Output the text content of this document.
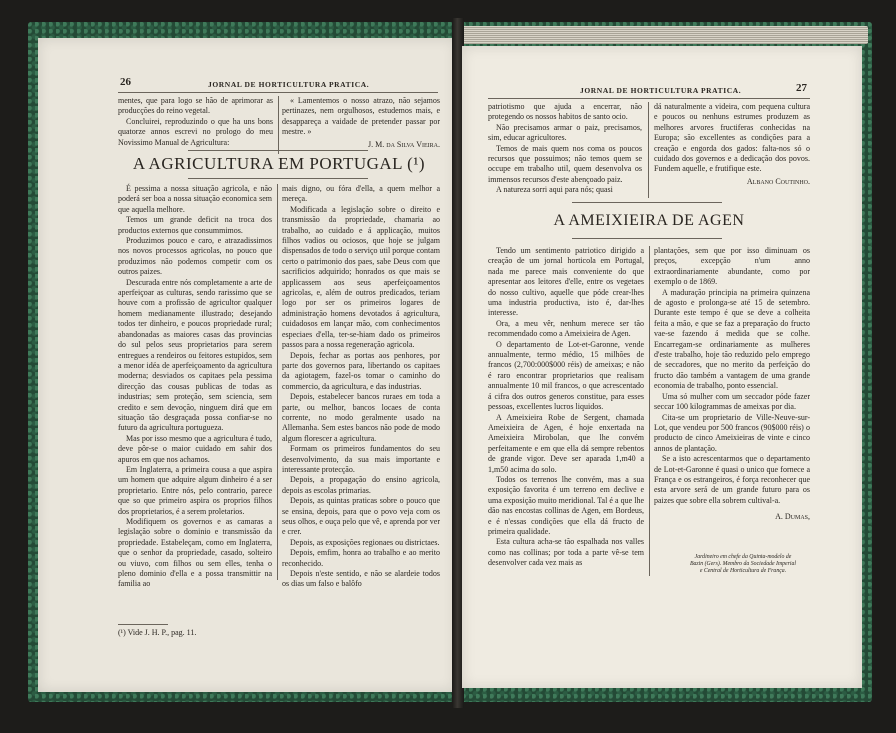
26	JORNAL DE HORTICULTURA PRATICA.

mentes, que para logo se hão de aprimorar as producções do reino vegetal.

Concluirei, reproduzindo o que ha uns bons quatorze annos escrevi no prologo do meu Novissimo Manual de Agricultura:

« Lamentemos o nosso atrazo, não sejamos pertinazes, nem orgulhosos, estudemos mais, e desappareça a vaidade de pretender passar por mestre. »

J. M. da Silva Vieira.
A AGRICULTURA EM PORTUGAL (¹)

É pessima a nossa situação agricola, e não poderá ser boa a nossa situação economica sem que aquella melhore.

Temos um grande deficit na troca dos productos externos que consummimos.

Produzimos pouco e caro, e atrazadissimos nos novos processos agricolas, no pouco que produzimos não podemos competir com os outros paizes.

Descurada entre nós completamente a arte de aperfeiçoar as culturas, sendo rarissimo que se houve com a profissão de agricultor qualquer homem medianamente illustrado; desejando todos ter dinheiro, e poucos propriedade rural; abandonadas as maiores casas das provincias do sul pelos seus proprietarios para serem entregues a rendeiros ou feitores estupidos, sem a menor idéa de aperfeiçoamento da agricultura moderna; desviados os capitaes pela pessima direcção das cousas publicas de todas as industrias; sem proteção, sem sciencia, sem credito e sem devoção, ninguem dirá que em situação tão desgraçada possa confiar-se no futuro da agricultura portugueza.

Mas por isso mesmo que a agricultura é tudo, deve pôr-se o maior cuidado em sahir dos apuros em que nos achamos.

Em Inglaterra, a primeira cousa a que aspira um homem que adquire algum dinheiro é a ser proprietario. Entre nós, pelo contrario, parece que so que primeiro aspira os proprios filhos dos proprietarios, é a serem proletarios.

Modifiquem os governos e as camaras a legislação sobre o dominio e transmissão da propriedade. Estabeleçam, como em Inglaterra, que o senhor da propriedade, casado, solteiro ou viuvo, com filhos ou sem elles, tenha o pleno dominio d'ella e a possa transmittir na familia ao

mais digno, ou fóra d'ella, a quem melhor a mereça.

Modificada a legislação sobre o direito e transmissão da propriedade, chamaria ao trabalho, ao cuidado e á applicação, muitos filhos vadios ou ociosos, que hoje se julgam dispensados de todo o serviço util porque contam certo o patrimonio dos paes, sabe Deus com que sacrificios adquirido; honrados os que mais se applicassem aos seus aperfeiçoamentos agricolas, e, além de outros predicados, teriam logo por ser os primeiros logares de administração homens devotados á agricultura, cuidadosos em lançar mão, com conhecimentos especiaes d'ella, ter-se-hiam dado os primeiros passos para a nossa regeneração agricola.

Depois, fechar as portas aos penhores, por parte dos governos para, libertando os capitaes da agiotagem, fazel-os tomar o caminho do commercio, da agricultura, e das industrias.

Depois, estabelecer bancos ruraes em toda a parte, ou melhor, bancos locaes de conta corrente, no modo geralmente usado na Allemanha. Sem estes bancos não pode de modo algum florescer a agricultura.

Formam os primeiros fundamentos do seu desenvolvimento, da sua mais importante e interessante protecção.

Depois, a propagação do ensino agricola, depois as escolas primarias.

Depois, as quintas praticas sobre o pouco que se ensina, depois, para que o povo veja com os seus olhos, e ouça pelo que vê, e aprenda por ver e crer.

Depois, as exposições regionaes ou districtaes.

Depois, emfim, honra ao trabalho e ao merito reconhecido.

Depois n'este sentido, e não se alardeie todos os dias um falso e balôfo

(¹) Vide J. H. P., pag. 11.
JORNAL DE HORTICULTURA PRATICA.	27

patriotismo que ajuda a encerrar, não protegendo os nossos habitos de santo ocio.

Não precisamos armar o paiz, precisamos, sim, educar agricultores.

Temos de mais quem nos coma os poucos recursos que possuimos; não temos quem se occupe em trabalho util, quem desenvolva os immensos recursos d'este abençoado paiz.

A natureza sorri aqui para nós; quasi

dá naturalmente a videira, com pequena cultura e poucos ou nenhuns estrumes produzem as melhores arvores fructiferas conhecidas na Europa; são excellentes as condições para a creação e engorda dos gados: falta-nos só o cuidado dos governos e a dedicação dos povos. Fundem aquelle, e frutifique este.

Albano Coutinho.
A AMEIXIEIRA DE AGEN

Tendo um sentimento patriotico dirigido a creação de um jornal horticola em Portugal, nada me parece mais conveniente do que apresentar aos leitores d'elle, entre os vegetaes do nosso cultivo, aquelle que póde crear-lhes uma industria productiva, isto é, dar-lhes interesse.

Ora, a meu vêr, nenhum merece ser tão recommendado como a Ameixieira de Agen.

O departamento de Lot-et-Garonne, vende annualmente, termo médio, 15 milhões de francos (2,700:000$000 réis) de ameixas; e não é raro encontrar proprietarios que realisam annualmente 10 mil francos, o que acrescentado á cifra dos outros generos constitue, para esses pessoas, excellentes lucros liquidos.

A Ameixieira Robe de Sergent, chamada Ameixieira de Agen, é hoje enxertada na Ameixieira Mirobolan, que lhe convém perfeitamente e em que ella dá sempre rebentos de grande vigor. Deve ser aparada 1,m40 a 1,m50 acima do solo.

Todos os terrenos lhe convém, mas a sua exposição favorita é um terreno em declive e uma exposição muito meridional. Tal é a que lhe dão nas encostas collinas de Agen, em Bordeus, e é n'essas condições que ella dá fructo de primeira qualidade.

Esta cultura acha-se tão espalhada nos valles como nas collinas; por toda a parte vê-se tem desenvolver cada vez mais as

plantações, sem que por isso diminuam os preços, excepção n'um anno extraordinariamente abundante, como por exemplo o de 1869.

A maduração principia na primeira quinzena de agosto e prolonga-se até 15 de setembro. Durante este tempo é que se deve a colheita feita a mão, e que se faz a preparação do fructo vae-se fazendo á medida que se colhe. Encarregam-se ordinariamente as mulheres d'este trabalho, hoje tão reduzido pelo emprego de seccadores, que no merito da perfeição do fructo dão também a vantagem de uma grande economia de trabalho, ponto essencial.

Uma só mulher com um seccador póde fazer seccar 100 kilogrammas de ameixas por dia.

Cita-se um proprietario de Ville-Neuve-sur-Lot, que vendeu por 500 francos (90$000 réis) o producto de cinco Ameixieiras de vinte e cinco annos de plantação.

Se a isto acrescentarmos que o departamento de Lot-et-Garonne é quasi o unico que fornece a França e os estrangeiros, é força reconhecer que esta arvore será de um grande futuro para os paizes que sobre ella sobrem cultival-a.

A. Dumas,
Jardineiro em chefe da Quinta-modelo de
Bazin (Gers). Membro da Sociedade Imperial
e Central de Horticultura de França.
